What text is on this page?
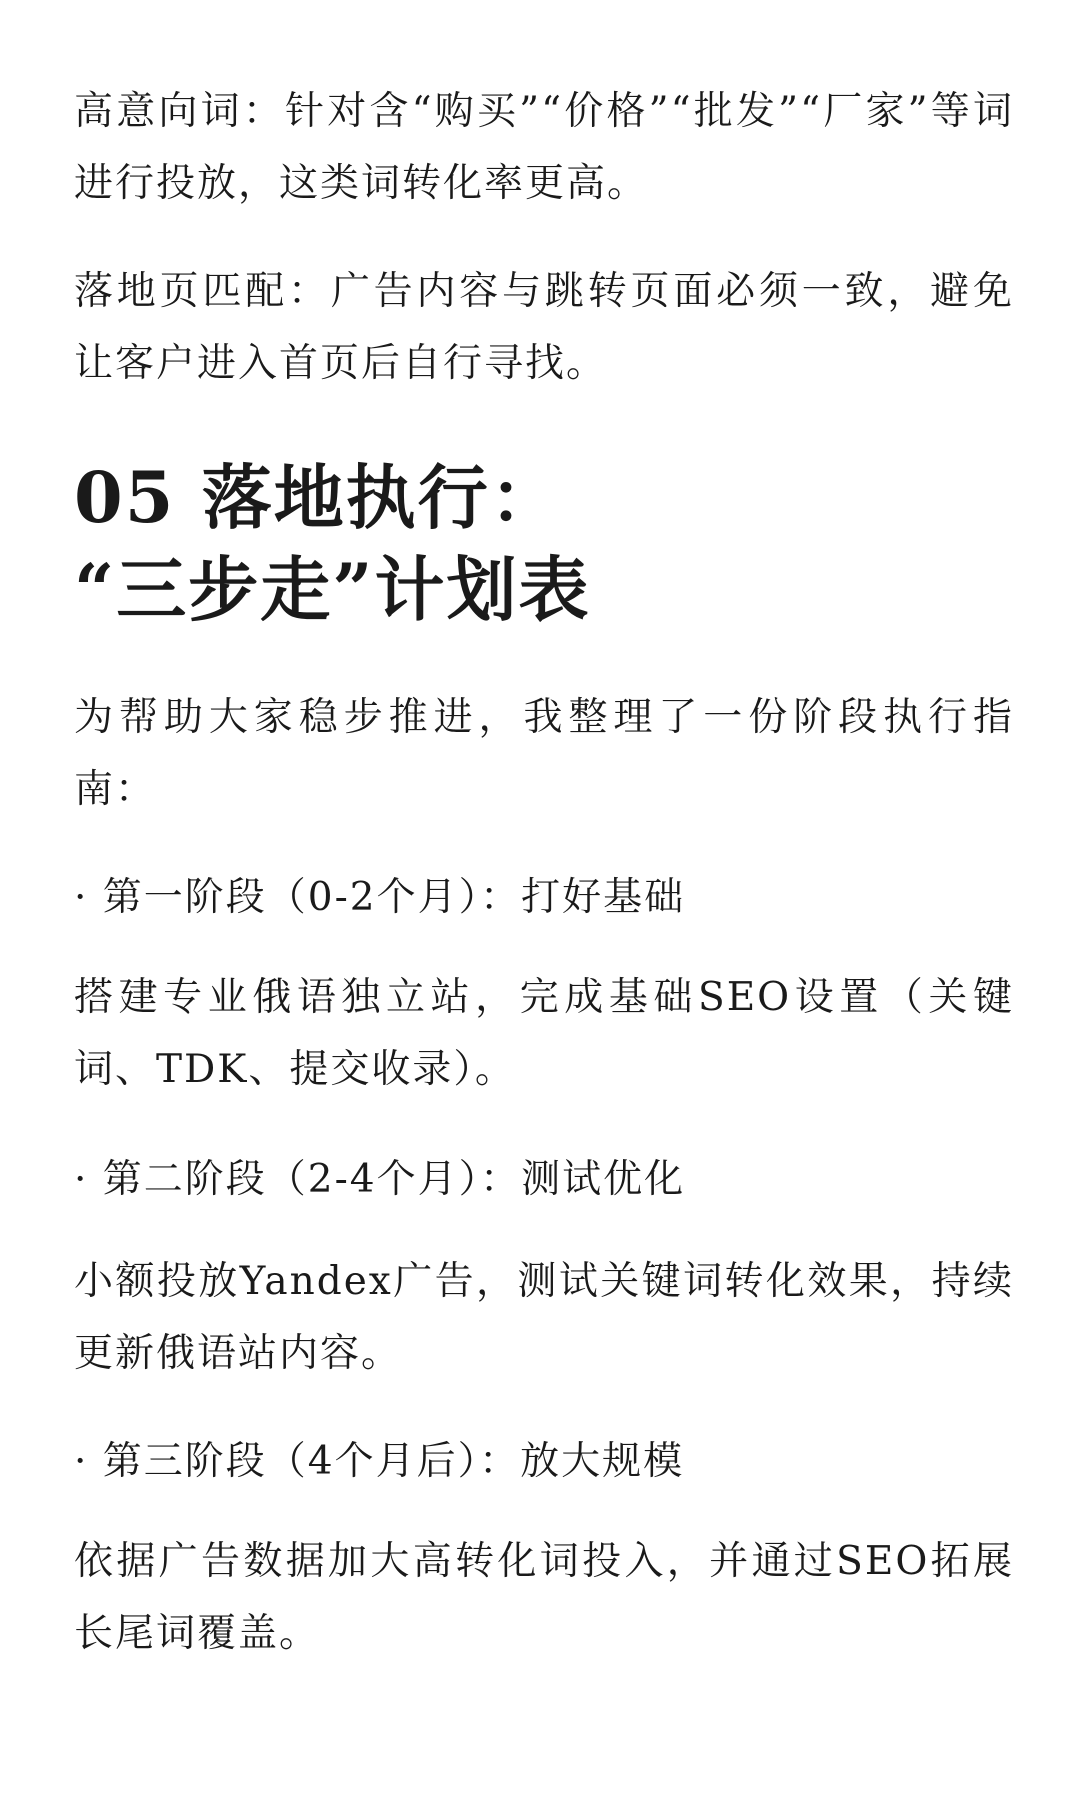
高意向词：针对含“购买”“价格”“批发”“厂家”等词进行投放，这类词转化率更高。

落地页匹配：广告内容与跳转页面必须一致，避免让客户进入首页后自行寻找。

05 落地执行：
“三步走”计划表

为帮助大家稳步推进，我整理了一份阶段执行指南：

· 第一阶段（0-2个月）：打好基础

搭建专业俄语独立站，完成基础SEO设置（关键词、TDK、提交收录）。

· 第二阶段（2-4个月）：测试优化

小额投放Yandex广告，测试关键词转化效果，持续更新俄语站内容。

· 第三阶段（4个月后）：放大规模

依据广告数据加大高转化词投入，并通过SEO拓展长尾词覆盖。
